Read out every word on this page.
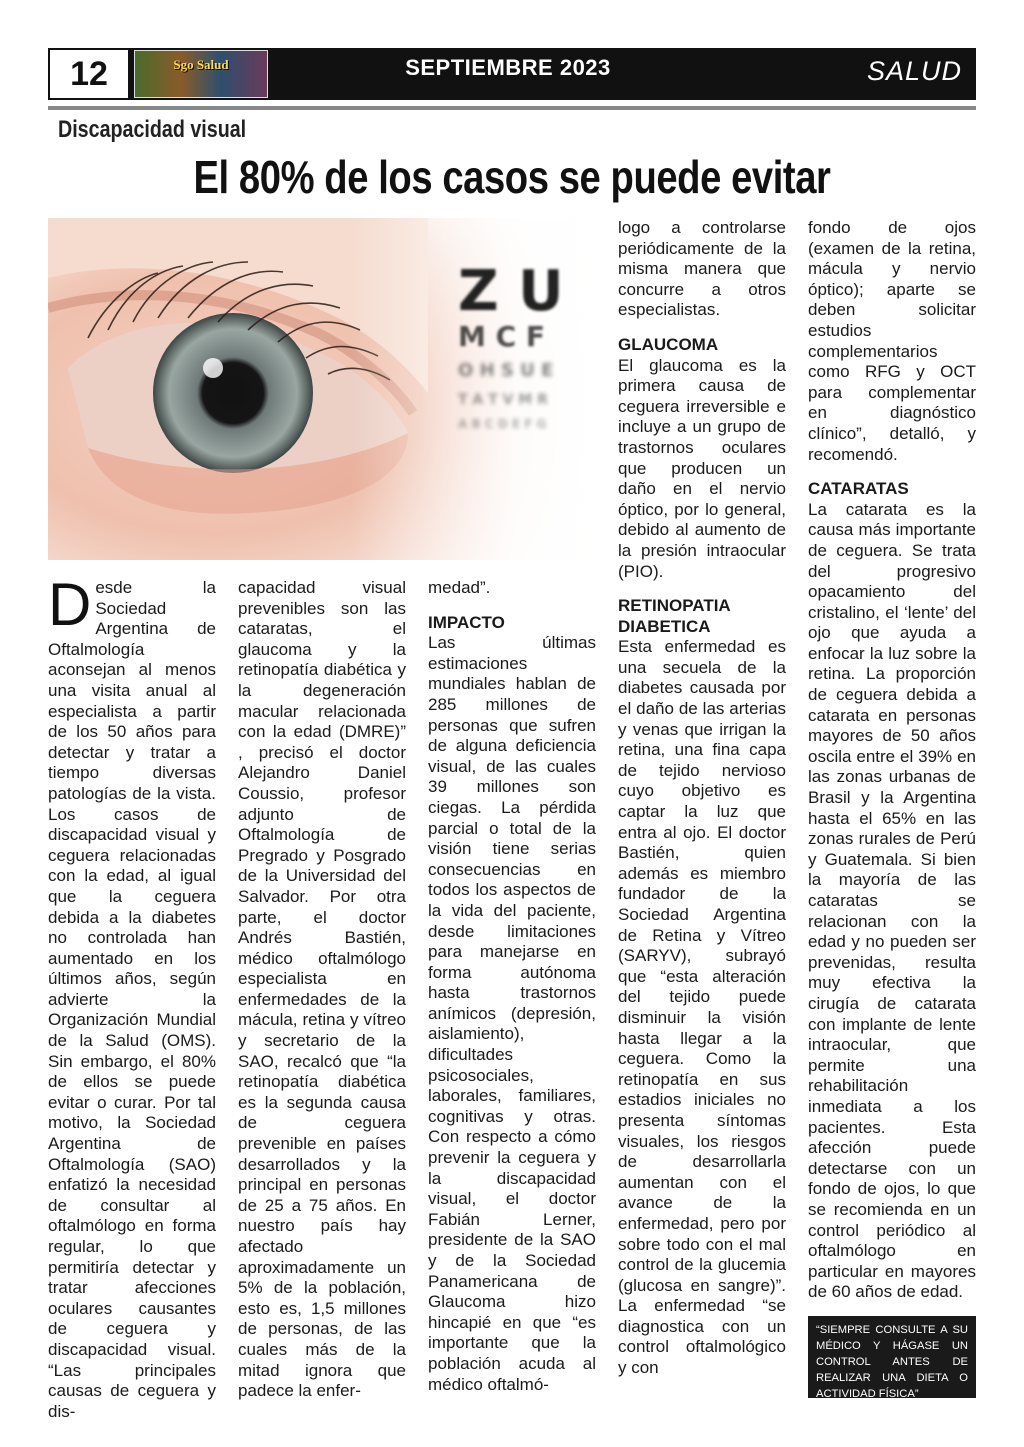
12	Sgo Salud	SEPTIEMBRE 2023	SALUD
Discapacidad visual
El 80% de los casos se puede evitar
Z U
M C F
O H S U E
T A T V M R
A B C D E F G

Desde la Sociedad Argentina de Oftalmología aconsejan al menos una visita anual al especialista a partir de los 50 años para detectar y tratar a tiempo diversas patologías de la vista. Los casos de discapacidad visual y ceguera relacionadas con la edad, al igual que la ceguera debida a la diabetes no controlada han aumentado en los últimos años, según advierte la Organización Mundial de la Salud (OMS). Sin embargo, el 80% de ellos se puede evitar o curar. Por tal motivo, la Sociedad Argentina de Oftalmología (SAO) enfatizó la necesidad de consultar al oftalmólogo en forma regular, lo que permitiría detectar y tratar afecciones oculares causantes de ceguera y discapacidad visual. “Las principales causas de ceguera y dis-

capacidad visual prevenibles son las cataratas, el glaucoma y la retinopatía diabética y la degeneración macular relacionada con la edad (DMRE)” , precisó el doctor Alejandro Daniel Coussio, profesor adjunto de Oftalmología de Pregrado y Posgrado de la Universidad del Salvador. Por otra parte, el doctor Andrés Bastién, médico oftalmólogo especialista en enfermedades de la mácula, retina y vítreo y secretario de la SAO, recalcó que “la retinopatía diabética es la segunda causa de ceguera prevenible en países desarrollados y la principal en personas de 25 a 75 años. En nuestro país hay afectado aproximadamente un 5% de la población, esto es, 1,5 millones de personas, de las cuales más de la mitad ignora que padece la enfer-

medad”.

IMPACTO

Las últimas estimaciones mundiales hablan de 285 millones de personas que sufren de alguna deficiencia visual, de las cuales 39 millones son ciegas. La pérdida parcial o total de la visión tiene serias consecuencias en todos los aspectos de la vida del paciente, desde limitaciones para manejarse en forma autónoma hasta trastornos anímicos (depresión, aislamiento), dificultades psicosociales, laborales, familiares, cognitivas y otras. Con respecto a cómo prevenir la ceguera y la discapacidad visual, el doctor Fabián Lerner, presidente de la SAO y de la Sociedad Panamericana de Glaucoma hizo hincapié en que “es importante que la población acuda al médico oftalmó-

logo a controlarse periódicamente de la misma manera que concurre a otros especialistas.

GLAUCOMA

El glaucoma es la primera causa de ceguera irreversible e incluye a un grupo de trastornos oculares que producen un daño en el nervio óptico, por lo general, debido al aumento de la presión intraocular (PIO).

RETINOPATIA DIABETICA

Esta enfermedad es una secuela de la diabetes causada por el daño de las arterias y venas que irrigan la retina, una fina capa de tejido nervioso cuyo objetivo es captar la luz que entra al ojo. El doctor Bastién, quien además es miembro fundador de la Sociedad Argentina de Retina y Vítreo (SARYV), subrayó que “esta alteración del tejido puede disminuir la visión hasta llegar a la ceguera. Como la retinopatía en sus estadios iniciales no presenta síntomas visuales, los riesgos de desarrollarla aumentan con el avance de la enfermedad, pero por sobre todo con el mal control de la glucemia (glucosa en sangre)”. La enfermedad “se diagnostica con un control oftalmológico y con

fondo de ojos (examen de la retina, mácula y nervio óptico); aparte se deben solicitar estudios complementarios como RFG y OCT para complementar en diagnóstico clínico”, detalló, y recomendó.

CATARATAS

La catarata es la causa más importante de ceguera. Se trata del progresivo opacamiento del cristalino, el ‘lente’ del ojo que ayuda a enfocar la luz sobre la retina. La proporción de ceguera debida a catarata en personas mayores de 50 años oscila entre el 39% en las zonas urbanas de Brasil y la Argentina hasta el 65% en las zonas rurales de Perú y Guatemala. Si bien la mayoría de las cataratas se relacionan con la edad y no pueden ser prevenidas, resulta muy efectiva la cirugía de catarata con implante de lente intraocular, que permite una rehabilitación inmediata a los pacientes. Esta afección puede detectarse con un fondo de ojos, lo que se recomienda en un control periódico al oftalmólogo en particular en mayores de 60 años de edad.

“SIEMPRE CONSULTE A SU MÉDICO Y HÁGASE UN CONTROL ANTES DE REALIZAR UNA DIETA O ACTIVIDAD FÍSICA”
